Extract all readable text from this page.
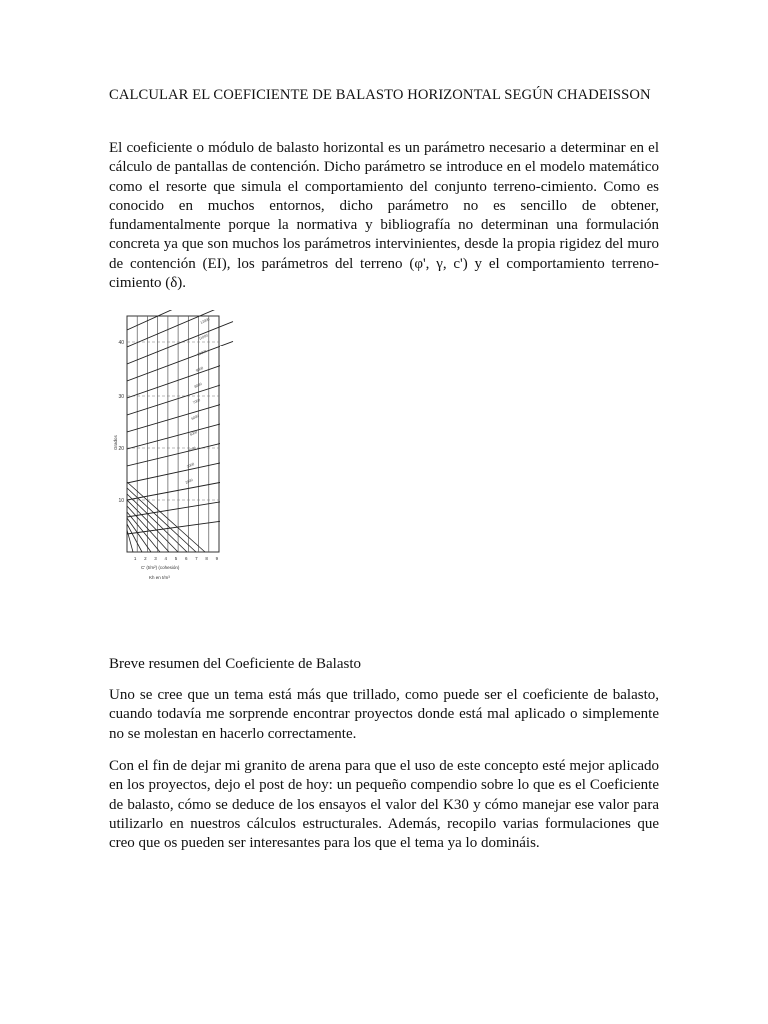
CALCULAR EL COEFICIENTE DE BALASTO HORIZONTAL SEGÚN CHADEISSON
El coeficiente o módulo de balasto horizontal es un parámetro necesario a determinar en el cálculo de pantallas de contención. Dicho parámetro se introduce en el modelo matemático como el resorte que simula el comportamiento del conjunto terreno-cimiento. Como es conocido en muchos entornos, dicho parámetro no es sencillo de obtener, fundamentalmente porque la normativa y bibliografía no determinan una formulación concreta ya que son muchos los parámetros intervinientes, desde la propia rigidez del muro de contención (EI), los parámetros del terreno (φ', γ, c') y el comportamiento terreno-cimiento (δ).
40
30
20
10
1 2 3 4 5 6 7 8 9
12000
11000
10000
9000
8000
7000
6000
5000
4000
3000
2000
Grados
C' (t/m²) (cohesión)
Kh en t/m³
Breve resumen del Coeficiente de Balasto
Uno se cree que un tema está más que trillado, como puede ser el coeficiente de balasto, cuando todavía me sorprende encontrar proyectos donde está mal aplicado o simplemente no se molestan en hacerlo correctamente.
Con el fin de dejar mi granito de arena para que el uso de este concepto esté mejor aplicado en los proyectos, dejo el post de hoy: un pequeño compendio sobre lo que es el Coeficiente de balasto, cómo se deduce de los ensayos el valor del K30 y cómo manejar ese valor para utilizarlo en nuestros cálculos estructurales. Además, recopilo varias formulaciones que creo que os pueden ser interesantes para los que el tema ya lo domináis.
